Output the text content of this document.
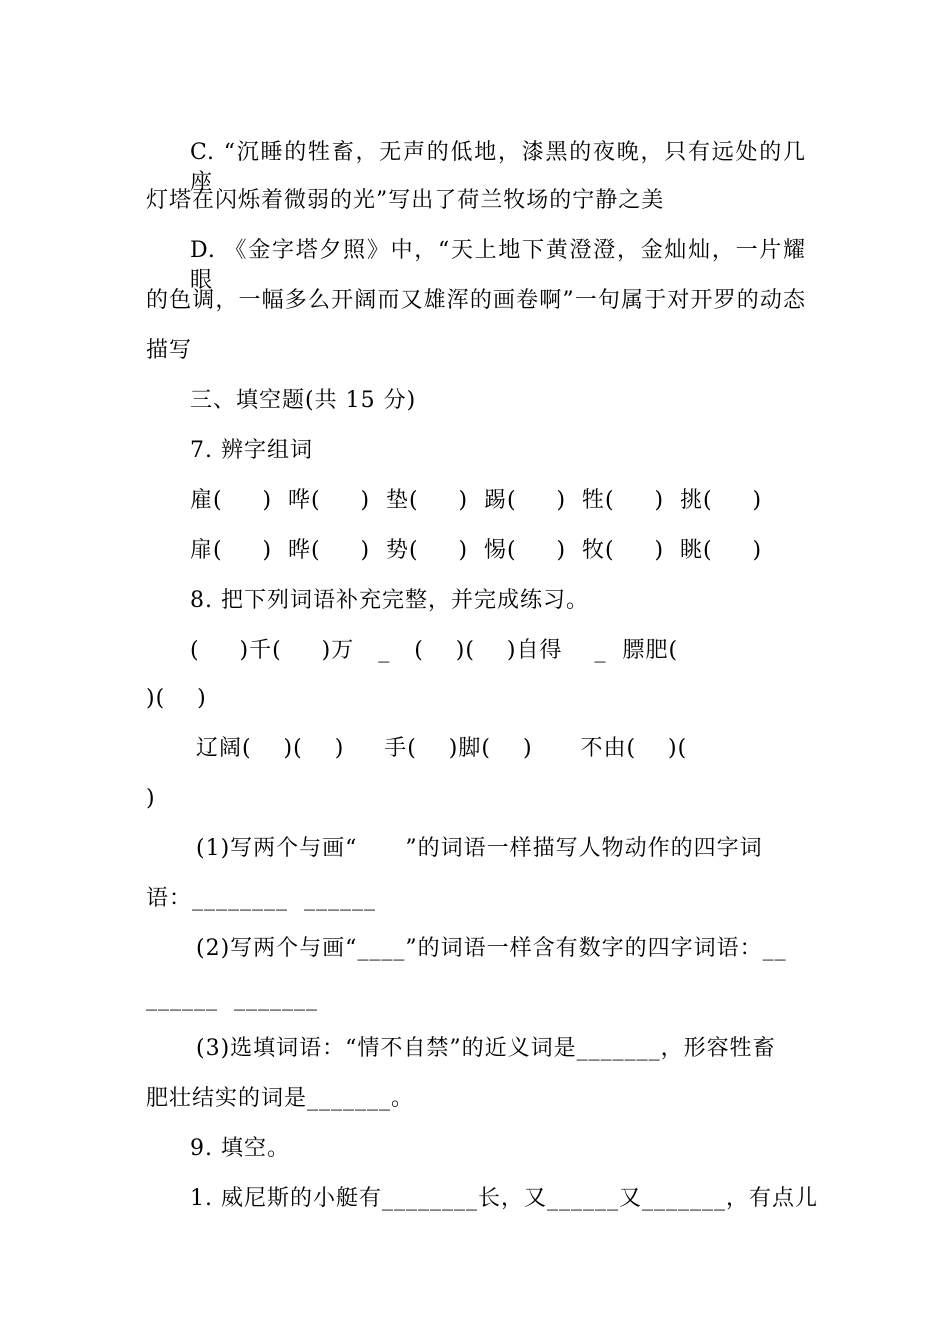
C. “沉睡的牲畜，无声的低地，漆黑的夜晚，只有远处的几座
灯塔在闪烁着微弱的光”写出了荷兰牧场的宁静之美
D. 《金字塔夕照》中，“天上地下黄澄澄，金灿灿，一片耀眼
的色调，一幅多么开阔而又雄浑的画卷啊”一句属于对开罗的动态
描写
三、填空题(共 15 分)
7. 辨字组词
雇(     ) 哗(     ) 垫(     ) 踢(     ) 牲(     ) 挑(     )
扉(     ) 晔(     ) 势(     ) 惕(     ) 牧(     ) 眺(     )
8. 把下列词语补充完整，并完成练习。
(     )千(     )万   _   (    )(    )自得    _  膘肥(
)(    )
辽阔(    )(    )     手(    )脚(    )      不由(    )(
)
(1)写两个与画“      ”的词语一样描写人物动作的四字词
语：________  ______
(2)写两个与画“____”的词语一样含有数字的四字词语：__
______  _______
(3)选填词语：“情不自禁”的近义词是_______，形容牲畜
肥壮结实的词是_______。
9. 填空。
1. 威尼斯的小艇有________长，又______又_______，有点儿
